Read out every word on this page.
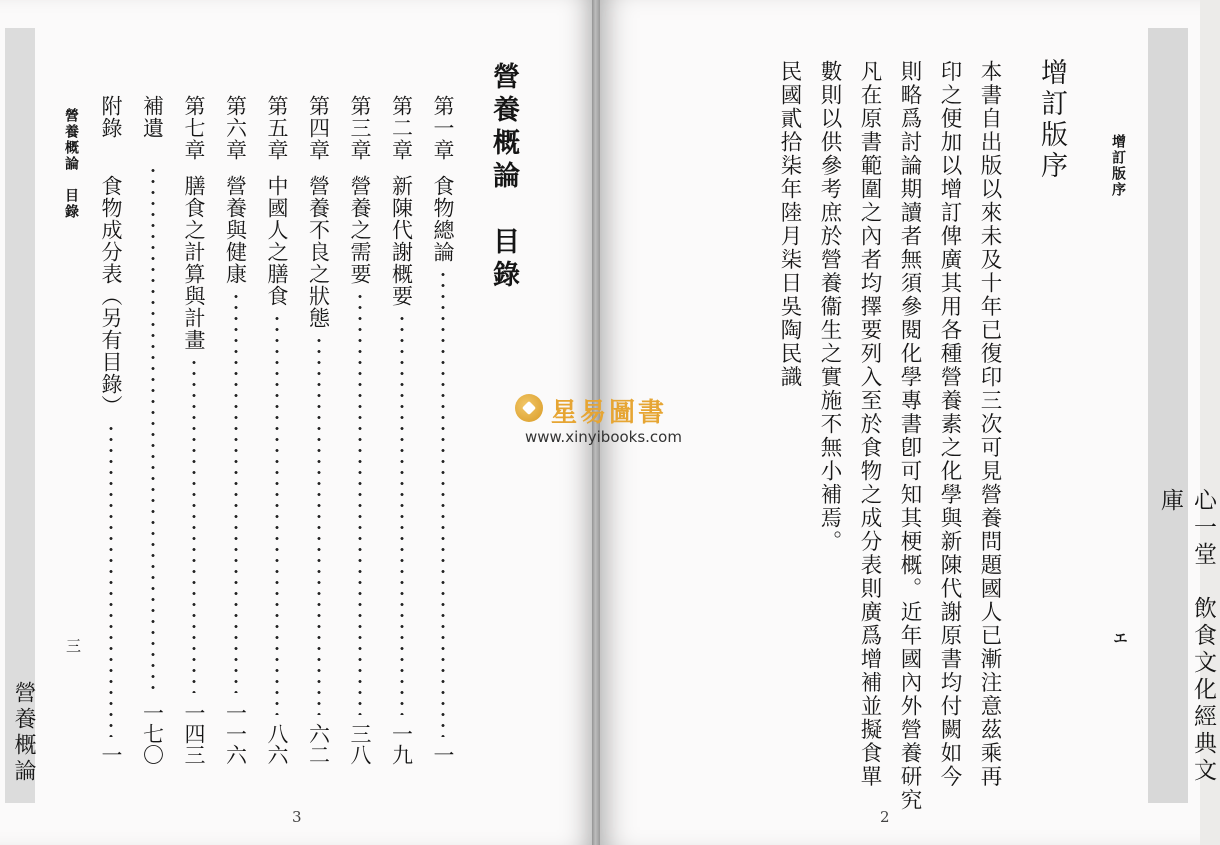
營養概論
營養概論　目錄
三
營養概論　目錄
第一章
食物總論
一
第二章
新陳代謝概要
一九
第三章
營養之需要
三八
第四章
營養不良之狀態
六二
第五章
中國人之膳食
八六
第六章
營養與健康
一一六
第七章
膳食之計算與計畫
一四三
補遺
一七〇
附錄
食物成分表（另有目錄）
一
3
增訂版序
エ	心一堂　飲食文化經典文庫
增訂版序
本書自出版以來未及十年已復印三次可見營養問題國人已漸注意茲乘再
印之便加以增訂俾廣其用各種營養素之化學與新陳代謝原書均付闕如今
則略爲討論期讀者無須參閱化學專書卽可知其梗概。近年國內外營養研究
凡在原書範圍之內者均擇要列入至於食物之成分表則廣爲增補並擬食單
數則以供參考庶於營養衞生之實施不無小補焉。
民國貳拾柒年陸月柒日吳陶民識
2
星易圖書
www.xinyibooks.com
